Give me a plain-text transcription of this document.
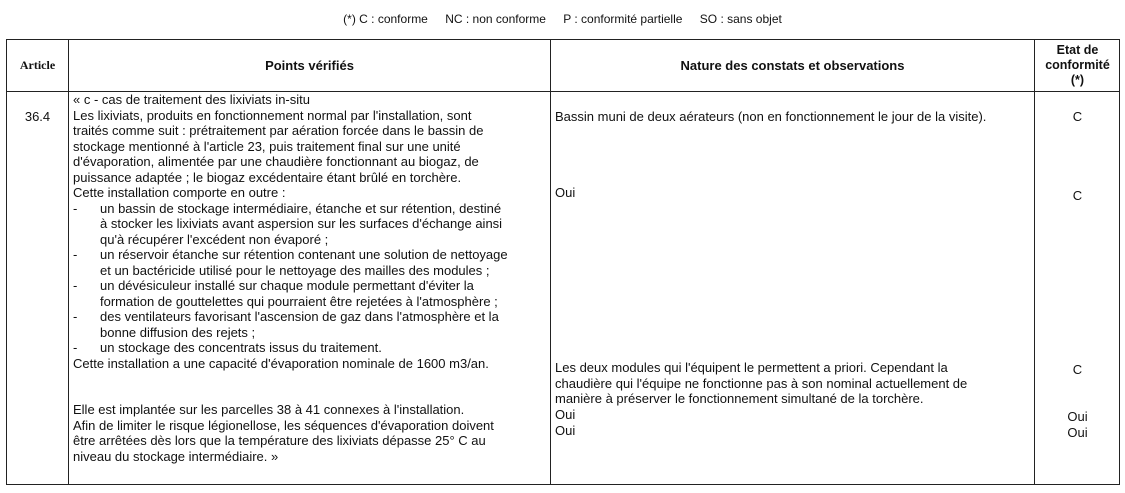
(*) C : conforme NC : non conforme P : conformité partielle SO : sans objet
Article	Points vérifiés	Nature des constats et observations
Etat de
conformité
(*)
36.4
« c - cas de traitement des lixiviats in-situ
Les lixiviats, produits en fonctionnement normal par l'installation, sont
traités comme suit : prétraitement par aération forcée dans le bassin de
stockage mentionné à l'article 23, puis traitement final sur une unité
d'évaporation, alimentée par une chaudière fonctionnant au biogaz, de
puissance adaptée ; le biogaz excédentaire étant brûlé en torchère.
Cette installation comporte en outre :
- un bassin de stockage intermédiaire, étanche et sur rétention, destiné
à stocker les lixiviats avant aspersion sur les surfaces d'échange ainsi
qu'à récupérer l'excédent non évaporé ;
- un réservoir étanche sur rétention contenant une solution de nettoyage
et un bactéricide utilisé pour le nettoyage des mailles des modules ;
- un dévésiculeur installé sur chaque module permettant d'éviter la
formation de gouttelettes qui pourraient être rejetées à l'atmosphère ;
- des ventilateurs favorisant l'ascension de gaz dans l'atmosphère et la
bonne diffusion des rejets ;
- un stockage des concentrats issus du traitement.
Cette installation a une capacité d'évaporation nominale de 1600 m3/an.
Elle est implantée sur les parcelles 38 à 41 connexes à l'installation.
Afin de limiter le risque légionellose, les séquences d'évaporation doivent
être arrêtées dès lors que la température des lixiviats dépasse 25° C au
niveau du stockage intermédiaire. »
Bassin muni de deux aérateurs (non en fonctionnement le jour de la visite).
Oui
Les deux modules qui l'équipent le permettent a priori. Cependant la
chaudière qui l'équipe ne fonctionne pas à son nominal actuellement de
manière à préserver le fonctionnement simultané de la torchère.
Oui
Oui
C
C
C
Oui
Oui
